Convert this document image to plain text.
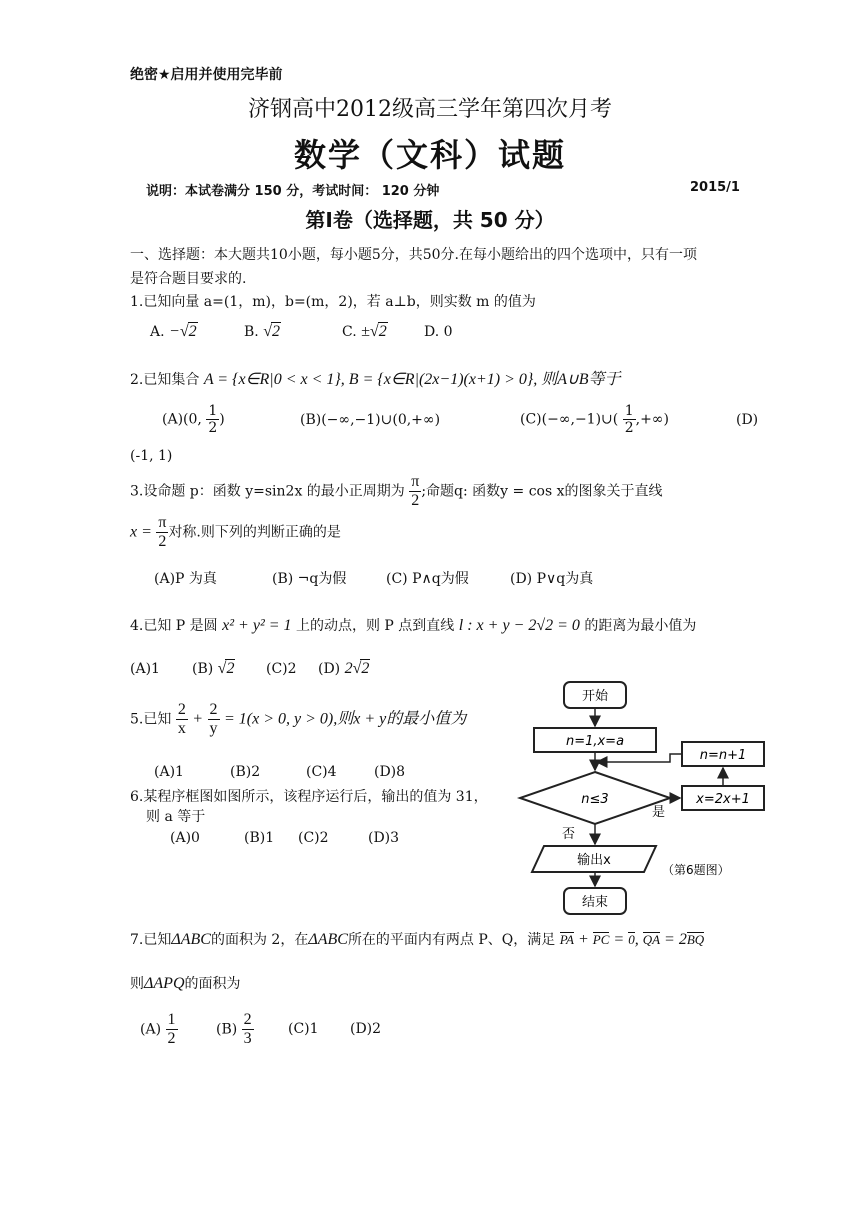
绝密★启用并使用完毕前
济钢高中2012级高三学年第四次月考
数学（文科）试题
说明：本试卷满分 150 分，考试时间： 120 分钟	2015/1
第Ⅰ卷（选择题，共 50 分）
一、选择题：本大题共10小题，每小题5分，共50分.在每小题给出的四个选项中，只有一项
是符合题目要求的.
1.已知向量 a=(1，m)，b=(m，2)，若 a⊥b，则实数 m 的值为
A. −√2	B. √2	C. ±√2	D. 0
2.已知集合 A = {x∈R|0 < x < 1}, B = {x∈R|(2x−1)(x+1) > 0}, 则A∪B等于
(A)(0, $\frac{1}{2}$ )	(B)(−∞,−1)∪(0,+∞)	(C)(−∞,−1)∪( $\frac{1}{2}$ ,+∞)	(D)
(-1, 1)
3.设命题 p：函数 y=sin2x 的最小正周期为 $\frac{\pi}{2}$ ;命题q: 函数y = cos x的图象关于直线
$x = \frac{\pi}{2}$ 对称.则下列的判断正确的是
(A)P 为真	(B) ¬q为假	(C) P∧q为假	(D) P∨q为真
4.已知 P 是圆 x² + y² = 1 上的动点，则 P 点到直线 l : x + y − 2√2 = 0 的距离为最小值为
(A)1 (B) √2 (C)2 (D) 2√2
5.已知 $\frac{2}{x} + \frac{2}{y} = 1(x > 0$, y > 0),则x + y的最小值为
(A)1	(B)2	(C)4	(D)8
6.某程序框图如图所示，该程序运行后，输出的值为 31，
则 a 等于
(A)0	(B)1 (C)2	(D)3
开始
n=1,x=a
n≤3
是
x=2x+1
n=n+1
否
输出x
（第6题图）
结束
7.已知ΔABC的面积为 2，在ΔABC所在的平面内有两点 P、Q，满足 PA + PC = 0, QA = 2BQ
则ΔAPQ的面积为
$(A) \frac{1}{2}$	$(B) \frac{2}{3} (C)1$ (D)2
